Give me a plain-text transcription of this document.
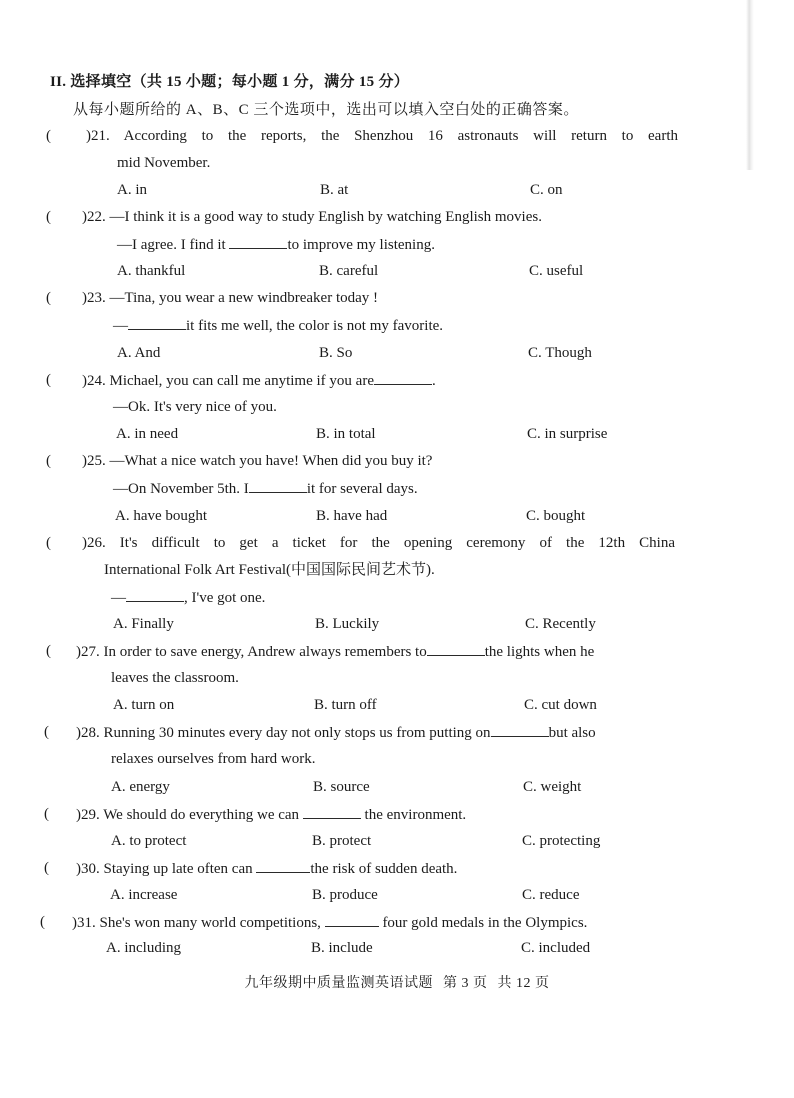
II. 选择填空（共 15 小题；每小题 1 分，满分 15 分）
从每小题所给的 A、B、C 三个选项中，选出可以填入空白处的正确答案。
( )21. According to the reports, the Shenzhou 16 astronauts will return to earth
mid November.
A. in	B. at	C. on
( )22. —I think it is a good way to study English by watching English movies.
—I agree. I find it	to improve my listening.
A. thankful	B. careful	C. useful
( )23. —Tina, you wear a new windbreaker today !
—	it fits me well, the color is not my favorite.
A. And	B. So	C. Though
( )24. Michael, you can call me anytime if you are	.
—Ok. It's very nice of you.
A. in need	B. in total	C. in surprise
( )25. —What a nice watch you have! When did you buy it?
—On November 5th. I	it for several days.
A. have bought	B. have had	C. bought
( )26. It's difficult to get a ticket for the opening ceremony of the 12th China
International Folk Art Festival(中国国际民间艺术节).
—	, I've got one.
A. Finally	B. Luckily	C. Recently
( )27. In order to save energy, Andrew always remembers to	the lights when he
leaves the classroom.
A. turn on	B. turn off	C. cut down
( )28. Running 30 minutes every day not only stops us from putting on	but also
relaxes ourselves from hard work.
A. energy	B. source	C. weight
( )29. We should do everything we can	the environment.
A. to protect	B. protect	C. protecting
( )30. Staying up late often can	the risk of sudden death.
A. increase	B. produce	C. reduce
( )31. She's won many world competitions,	four gold medals in the Olympics.
A. including	B. include	C. included
九年级期中质量监测英语试题 第 3 页 共 12 页
